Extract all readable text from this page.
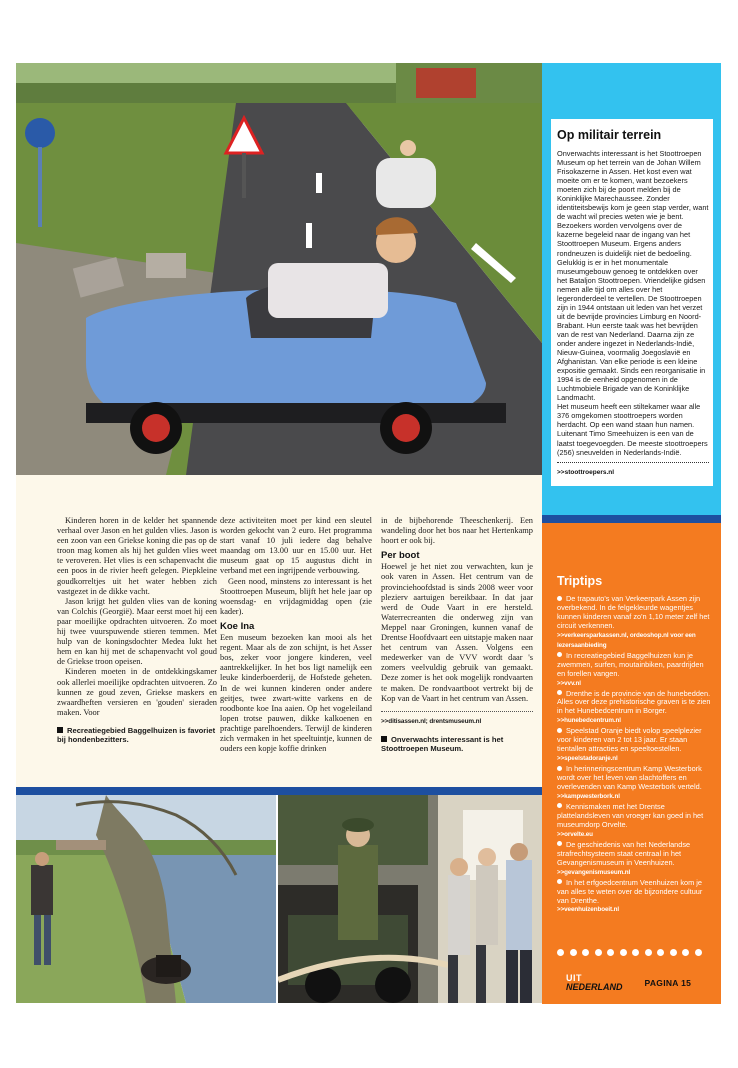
Kinderen horen in de kelder het spannende verhaal over Jason en het gulden vlies. Jason is een zoon van een Griekse koning die pas op de troon mag komen als hij het gulden vlies weet te veroveren. Het vlies is een schapenvacht die een poos in de rivier heeft gelegen. Piepkleine goudkorreltjes uit het water hebben zich vastgezet in de dikke vacht.

Jason krijgt het gulden vlies van de koning van Colchis (Georgië). Maar eerst moet hij een paar moeilijke opdrachten uitvoeren. Zo moet hij twee vuurspuwende stieren temmen. Met hulp van de koningsdochter Medea lukt het hem en kan hij met de schapenvacht vol goud de Griekse troon opeisen.

Kinderen moeten in de ontdekkingskamer ook allerlei moeilijke opdrachten uitvoeren. Zo kunnen ze goud zeven, Griekse maskers en zwaardheften versieren en 'gouden' sieraden maken. Voor

Recreatiegebied Baggelhuizen is favoriet bij hondenbezitters.

deze activiteiten moet per kind een sleutel worden gekocht van 2 euro. Het programma start vanaf 10 juli iedere dag behalve maandag om 13.00 uur en 15.00 uur. Het museum gaat op 15 augustus dicht in verband met een ingrijpende verbouwing.

Geen nood, minstens zo interessant is het Stoottroepen Museum, blijft het hele jaar op woensdag- en vrijdagmiddag open (zie kader).

Koe Ina

Een museum bezoeken kan mooi als het regent. Maar als de zon schijnt, is het Asser bos, zeker voor jongere kinderen, veel aantrekkelijker. In het bos ligt namelijk een leuke kinderboerderij, de Hofstede geheten. In de wei kunnen kinderen onder andere geitjes, twee zwart-witte varkens en de roodbonte koe Ina aaien. Op het vogeleiland lopen trotse pauwen, dikke kalkoenen en prachtige parelhoenders. Terwijl de kinderen zich vermaken in het speeltuintje, kunnen de ouders een kopje koffie drinken

in de bijbehorende Theeschenkerij. Een wandeling door het bos naar het Hertenkamp hoort er ook bij.

Per boot

Hoewel je het niet zou verwachten, kun je ook varen in Assen. Het centrum van de provinciehoofdstad is sinds 2008 weer voor plezierv aartuigen bereikbaar. In dat jaar werd de Oude Vaart in ere hersteld. Waterrecreanten die onderweg zijn van Meppel naar Groningen, kunnen vanaf de Drentse Hoofdvaart een uitstapje maken naar het centrum van Assen. Volgens een medewerker van de VVV wordt daar 's zomers veelvuldig gebruik van gemaakt. Deze zomer is het ook mogelijk rondvaarten te maken. De rondvaartboot vertrekt bij de Kop van de Vaart in het centrum van Assen.

>>ditisassen.nl; drentsmuseum.nl
Onverwachts interessant is het Stoottroepen Museum.
Op militair terrein

Onverwachts interessant is het Stoottroepen Museum op het terrein van de Johan Willem Frisokazerne in Assen. Het kost even wat moeite om er te komen, want bezoekers moeten zich bij de poort melden bij de Koninklijke Marechaussee. Zonder identiteitsbewijs kom je geen stap verder, want de wacht wil precies weten wie je bent. Bezoekers worden vervolgens over de kazerne begeleid naar de ingang van het Stoottroepen Museum. Ergens anders rondneuzen is duidelijk niet de bedoeling. Gelukkig is er in het monumentale museumgebouw genoeg te ontdekken over het Bataljon Stoottroepen. Vriendelijke gidsen nemen alle tijd om alles over het legeronderdeel te vertellen. De Stoottroepen zijn in 1944 ontstaan uit leden van het verzet uit de bevrijde provincies Limburg en Noord-Brabant. Hun eerste taak was het bevrijden van de rest van Nederland. Daarna zijn ze onder andere ingezet in Nederlands-Indië, Nieuw-Guinea, voormalig Joegoslavië en Afghanistan. Van elke periode is een kleine expositie gemaakt. Sinds een reorganisatie in 1994 is de eenheid opgenomen in de Luchtmobiele Brigade van de Koninklijke Landmacht.

Het museum heeft een stiltekamer waar alle 376 omgekomen stoottroepers worden herdacht. Op een wand staan hun namen. Luitenant Timo Smeehuizen is een van de laatst toegevoegden. De meeste stoottroepers (256) sneuvelden in Nederlands-Indië.

>>stoottroepers.nl
Triptips
De trapauto's van Verkeerpark Assen zijn overbekend. In de felgekleurde wagentjes kunnen kinderen vanaf zo'n 1,10 meter zelf het circuit verkennen.
>>verkeersparkassen.nl, ordeoshop.nl voor een lezersaanbieding
In recreatiegebied Baggelhuizen kun je zwemmen, surfen, moutainbiken, paardrijden en forellen vangen.
>>vvv.nl
Drenthe is de provincie van de hunebedden. Alles over deze prehistorische graven is te zien in het Hunebedcentrum in Borger.
>>hunebedcentrum.nl
Speelstad Oranje biedt volop speelplezier voor kinderen van 2 tot 13 jaar. Er staan tientallen attracties en speeltoestellen.
>>speelstadoranje.nl
In herinneringscentrum Kamp Westerbork wordt over het leven van slachtoffers en overlevenden van Kamp Westerbork verteld.
>>kampwesterbork.nl
Kennismaken met het Drentse plattelandsleven van vroeger kan goed in het museumdorp Orvelte.
>>orvelte.eu
De geschiedenis van het Nederlandse strafrechtsysteem staat centraal in het Gevangenismuseum in Veenhuizen.
>>gevangenismuseum.nl
In het erfgoedcentrum Veenhuizen kom je van alles te weten over de bijzondere cultuur van Drenthe.
>>veenhuizenboeit.nl
UIT
NEDERLAND	PAGINA 15
